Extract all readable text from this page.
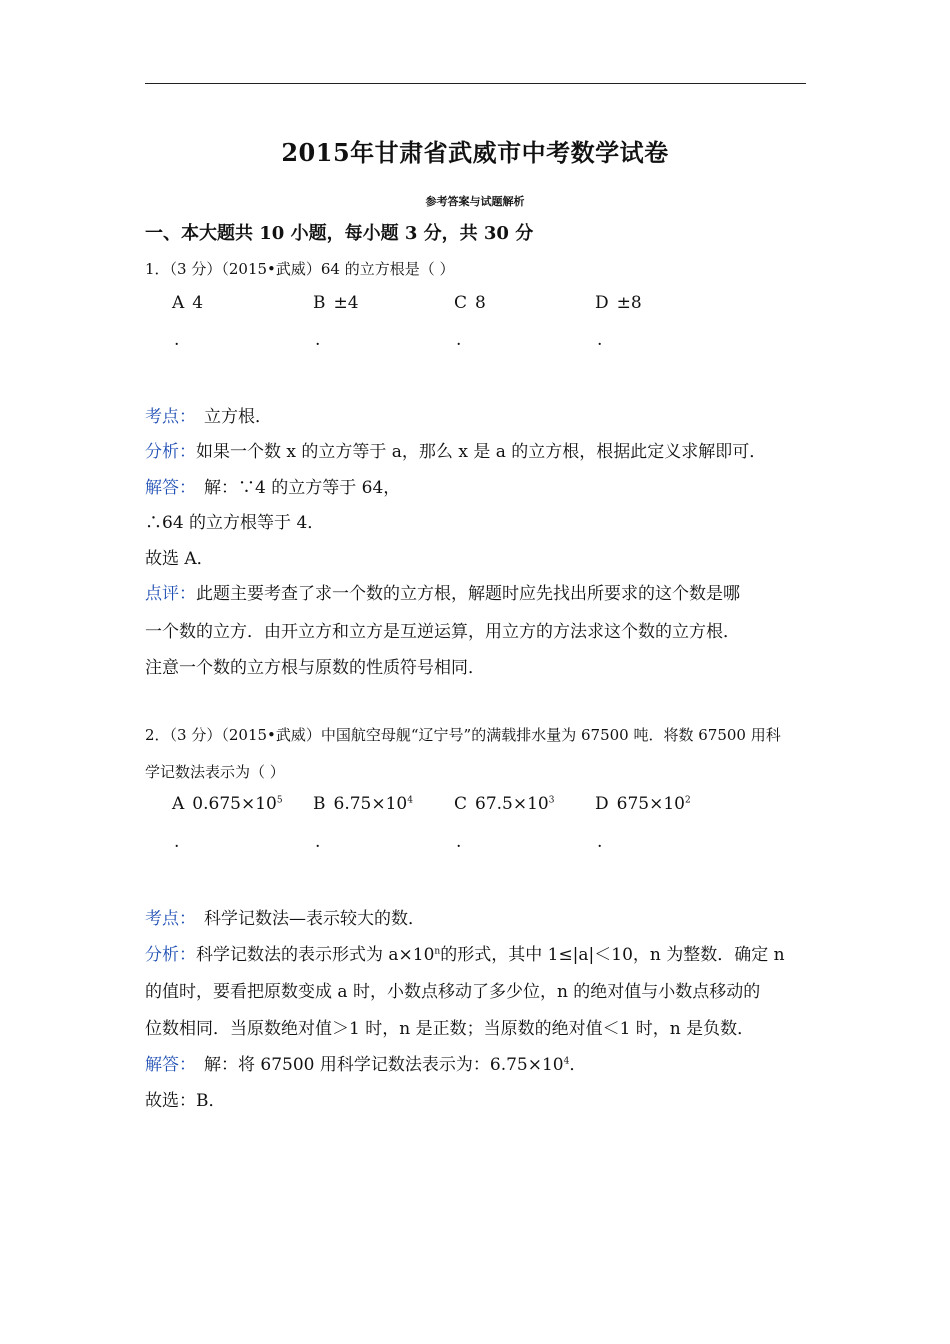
2015年甘肃省武威市中考数学试卷
参考答案与试题解析
一、本大题共 10 小题，每小题 3 分，共 30 分
1．（3 分）（2015•武威）64 的立方根是（ ）
A 4	B ±4	C 8	D ±8
.	.	.	.
考点： 立方根．
分析：如果一个数 x 的立方等于 a，那么 x 是 a 的立方根，根据此定义求解即可．
解答： 解：∵4 的立方等于 64，
∴64 的立方根等于 4．
故选 A．
点评：此题主要考查了求一个数的立方根，解题时应先找出所要求的这个数是哪
一个数的立方．由开立方和立方是互逆运算，用立方的方法求这个数的立方根．
注意一个数的立方根与原数的性质符号相同．
2．（3 分）（2015•武威）中国航空母舰“辽宁号”的满载排水量为 67500 吨．将数 67500 用科
学记数法表示为（ ）
A $0.675\times 10^5$ B $6.75\times 10^4$ C $67.5\times 10^3$ D $675\times 10^2$
.	.	.	.
考点： 科学记数法—表示较大的数．
分析：科学记数法的表示形式为 $a\times 10^n$的形式，其中 1≤|a|＜10，n 为整数．确定 n
的值时，要看把原数变成 a 时，小数点移动了多少位，n 的绝对值与小数点移动的
位数相同．当原数绝对值＞1 时，n 是正数；当原数的绝对值＜1 时，n 是负数．
解答： 解：将 67500 用科学记数法表示为：$6.75\times 10^4$．
故选：B．
